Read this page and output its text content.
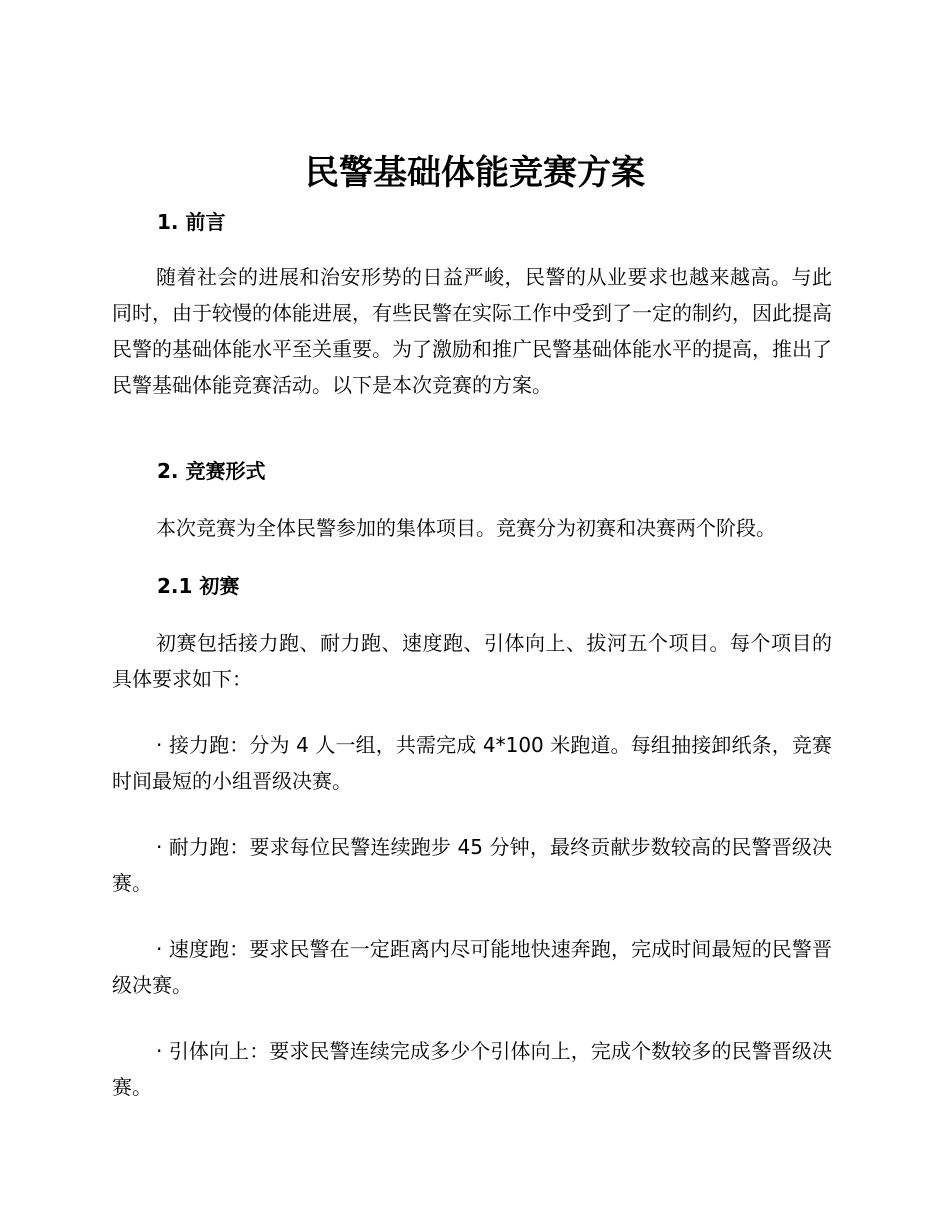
民警基础体能竞赛方案
1. 前言
随着社会的进展和治安形势的日益严峻，民警的从业要求也越来越高。与此同时，由于较慢的体能进展，有些民警在实际工作中受到了一定的制约，因此提高民警的基础体能水平至关重要。为了激励和推广民警基础体能水平的提高，推出了民警基础体能竞赛活动。以下是本次竞赛的方案。
2. 竞赛形式
本次竞赛为全体民警参加的集体项目。竞赛分为初赛和决赛两个阶段。
2.1 初赛
初赛包括接力跑、耐力跑、速度跑、引体向上、拔河五个项目。每个项目的具体要求如下：
· 接力跑：分为 4 人一组，共需完成 4*100 米跑道。每组抽接卸纸条，竞赛时间最短的小组晋级决赛。
· 耐力跑：要求每位民警连续跑步 45 分钟，最终贡献步数较高的民警晋级决赛。
· 速度跑：要求民警在一定距离内尽可能地快速奔跑，完成时间最短的民警晋级决赛。
· 引体向上：要求民警连续完成多少个引体向上，完成个数较多的民警晋级决赛。
